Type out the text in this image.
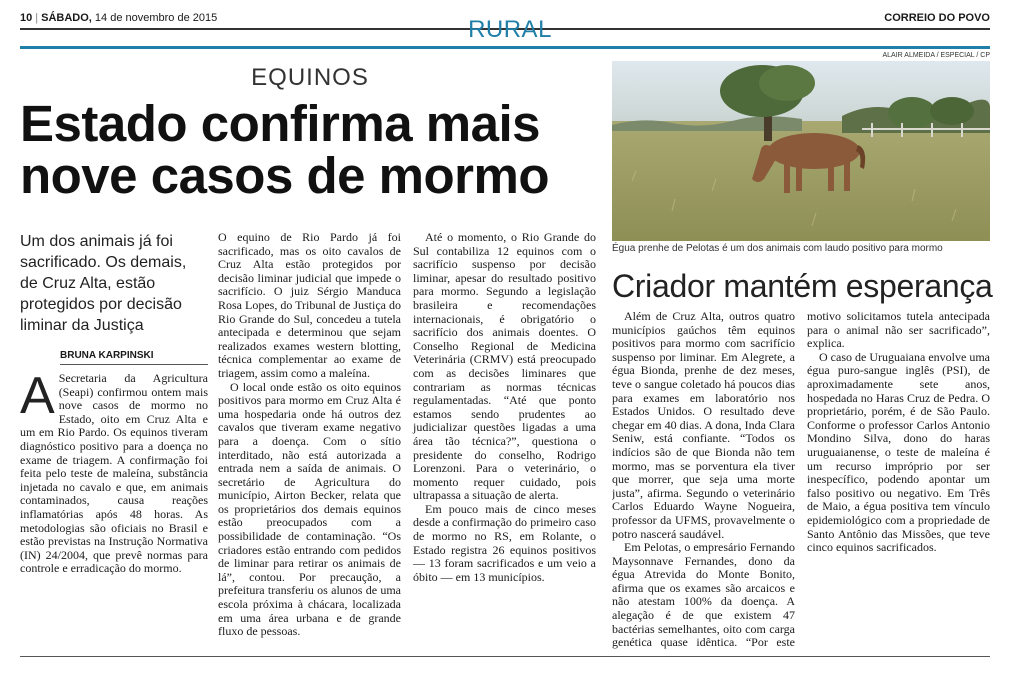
10 | SÁBADO, 14 de novembro de 2015	CORREIO DO POVO
RURAL
EQUINOS
Estado confirma mais nove casos de mormo
ALAIR ALMEIDA / ESPECIAL / CP
Égua prenhe de Pelotas é um dos animais com laudo positivo para mormo
Um dos animais já foi sacrificado. Os demais, de Cruz Alta, estão protegidos por decisão liminar da Justiça
BRUNA KARPINSKI

A Secretaria da Agricultura (Seapi) confirmou ontem mais nove casos de mormo no Estado, oito em Cruz Alta e um em Rio Pardo. Os equinos tiveram diagnóstico positivo para a doença no exame de triagem. A confirmação foi feita pelo teste de maleína, substância injetada no cavalo e que, em animais contaminados, causa reações inflamatórias após 48 horas. As metodologias são oficiais no Brasil e estão previstas na Instrução Normativa (IN) 24/2004, que prevê normas para controle e erradicação do mormo.

O equino de Rio Pardo já foi sacrificado, mas os oito cavalos de Cruz Alta estão protegidos por decisão liminar judicial que impede o sacrifício. O juiz Sérgio Manduca Rosa Lopes, do Tribunal de Justiça do Rio Grande do Sul, concedeu a tutela antecipada e determinou que sejam realizados exames western blotting, técnica complementar ao exame de triagem, assim como a maleína.

O local onde estão os oito equinos positivos para mormo em Cruz Alta é uma hospedaria onde há outros dez cavalos que tiveram exame negativo para a doença. Com o sítio interditado, não está autorizada a entrada nem a saída de animais. O secretário de Agricultura do município, Airton Becker, relata que os proprietários dos demais equinos estão preocupados com a possibilidade de contaminação. “Os criadores estão entrando com pedidos de liminar para retirar os animais de lá”, contou. Por precaução, a prefeitura transferiu os alunos de uma escola próxima à chácara, localizada em uma área urbana e de grande fluxo de pessoas.

Até o momento, o Rio Grande do Sul contabiliza 12 equinos com o sacrifício suspenso por decisão liminar, apesar do resultado positivo para mormo. Segundo a legislação brasileira e recomendações internacionais, é obrigatório o sacrifício dos animais doentes. O Conselho Regional de Medicina Veterinária (CRMV) está preocupado com as decisões liminares que contrariam as normas técnicas regulamentadas. “Até que ponto estamos sendo prudentes ao judicializar questões ligadas a uma área tão técnica?”, questiona o presidente do conselho, Rodrigo Lorenzoni. Para o veterinário, o momento requer cuidado, pois ultrapassa a situação de alerta.

Em pouco mais de cinco meses desde a confirmação do primeiro caso de mormo no RS, em Rolante, o Estado registra 26 equinos positivos — 13 foram sacrificados e um veio a óbito — em 13 municípios.

Criador mantém esperança

Além de Cruz Alta, outros quatro municípios gaúchos têm equinos positivos para mormo com sacrifício suspenso por liminar. Em Alegrete, a égua Bionda, prenhe de dez meses, teve o sangue coletado há poucos dias para exames em laboratório nos Estados Unidos. O resultado deve chegar em 40 dias. A dona, Inda Clara Seniw, está confiante. “Todos os indícios são de que Bionda não tem mormo, mas se porventura ela tiver que morrer, que seja uma morte justa”, afirma. Segundo o veterinário Carlos Eduardo Wayne Nogueira, professor da UFMS, provavelmente o potro nascerá saudável.

Em Pelotas, o empresário Fernando Maysonnave Fernandes, dono da égua Atrevida do Monte Bonito, afirma que os exames são arcaicos e não atestam 100% da doença. A alegação é de que existem 47 bactérias semelhantes, oito com carga genética quase idêntica. “Por este motivo solicitamos tutela antecipada para o animal não ser sacrificado”, explica.

O caso de Uruguaiana envolve uma égua puro-sangue inglês (PSI), de aproximadamente sete anos, hospedada no Haras Cruz de Pedra. O proprietário, porém, é de São Paulo. Conforme o professor Carlos Antonio Mondino Silva, dono do haras uruguaianense, o teste de maleína é um recurso impróprio por ser inespecífico, podendo apontar um falso positivo ou negativo. Em Três de Maio, a égua positiva tem vínculo epidemiológico com a propriedade de Santo Antônio das Missões, que teve cinco equinos sacrificados.
